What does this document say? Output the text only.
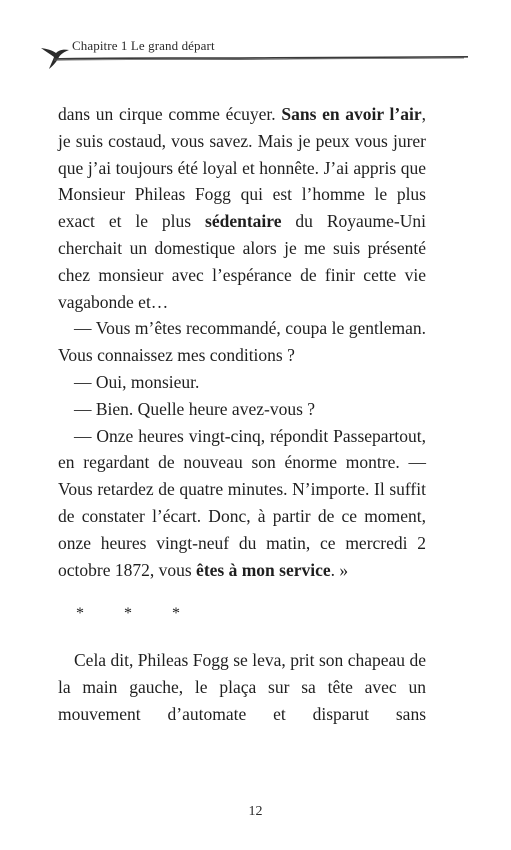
Chapitre 1 Le grand départ

dans un cirque comme écuyer. Sans en avoir l’air, je suis costaud, vous savez. Mais je peux vous jurer que j’ai toujours été loyal et honnête. J’ai appris que Monsieur Phileas Fogg qui est l’homme le plus exact et le plus sédentaire du Royaume-Uni cherchait un domestique alors je me suis présenté chez monsieur avec l’espérance de finir cette vie vagabonde et…

— Vous m’êtes recommandé, coupa le gentleman. Vous connaissez mes conditions ?

— Oui, monsieur.

— Bien. Quelle heure avez-vous ?

— Onze heures vingt-cinq, répondit Passepartout, en regardant de nouveau son énorme montre. — Vous retardez de quatre minutes. N’importe. Il suffit de constater l’écart. Donc, à partir de ce moment, onze heures vingt-neuf du matin, ce mercredi 2 octobre 1872, vous êtes à mon service. »

* * *

Cela dit, Phileas Fogg se leva, prit son chapeau de la main gauche, le plaça sur sa tête avec un mouvement d’automate et disparut sans

12
